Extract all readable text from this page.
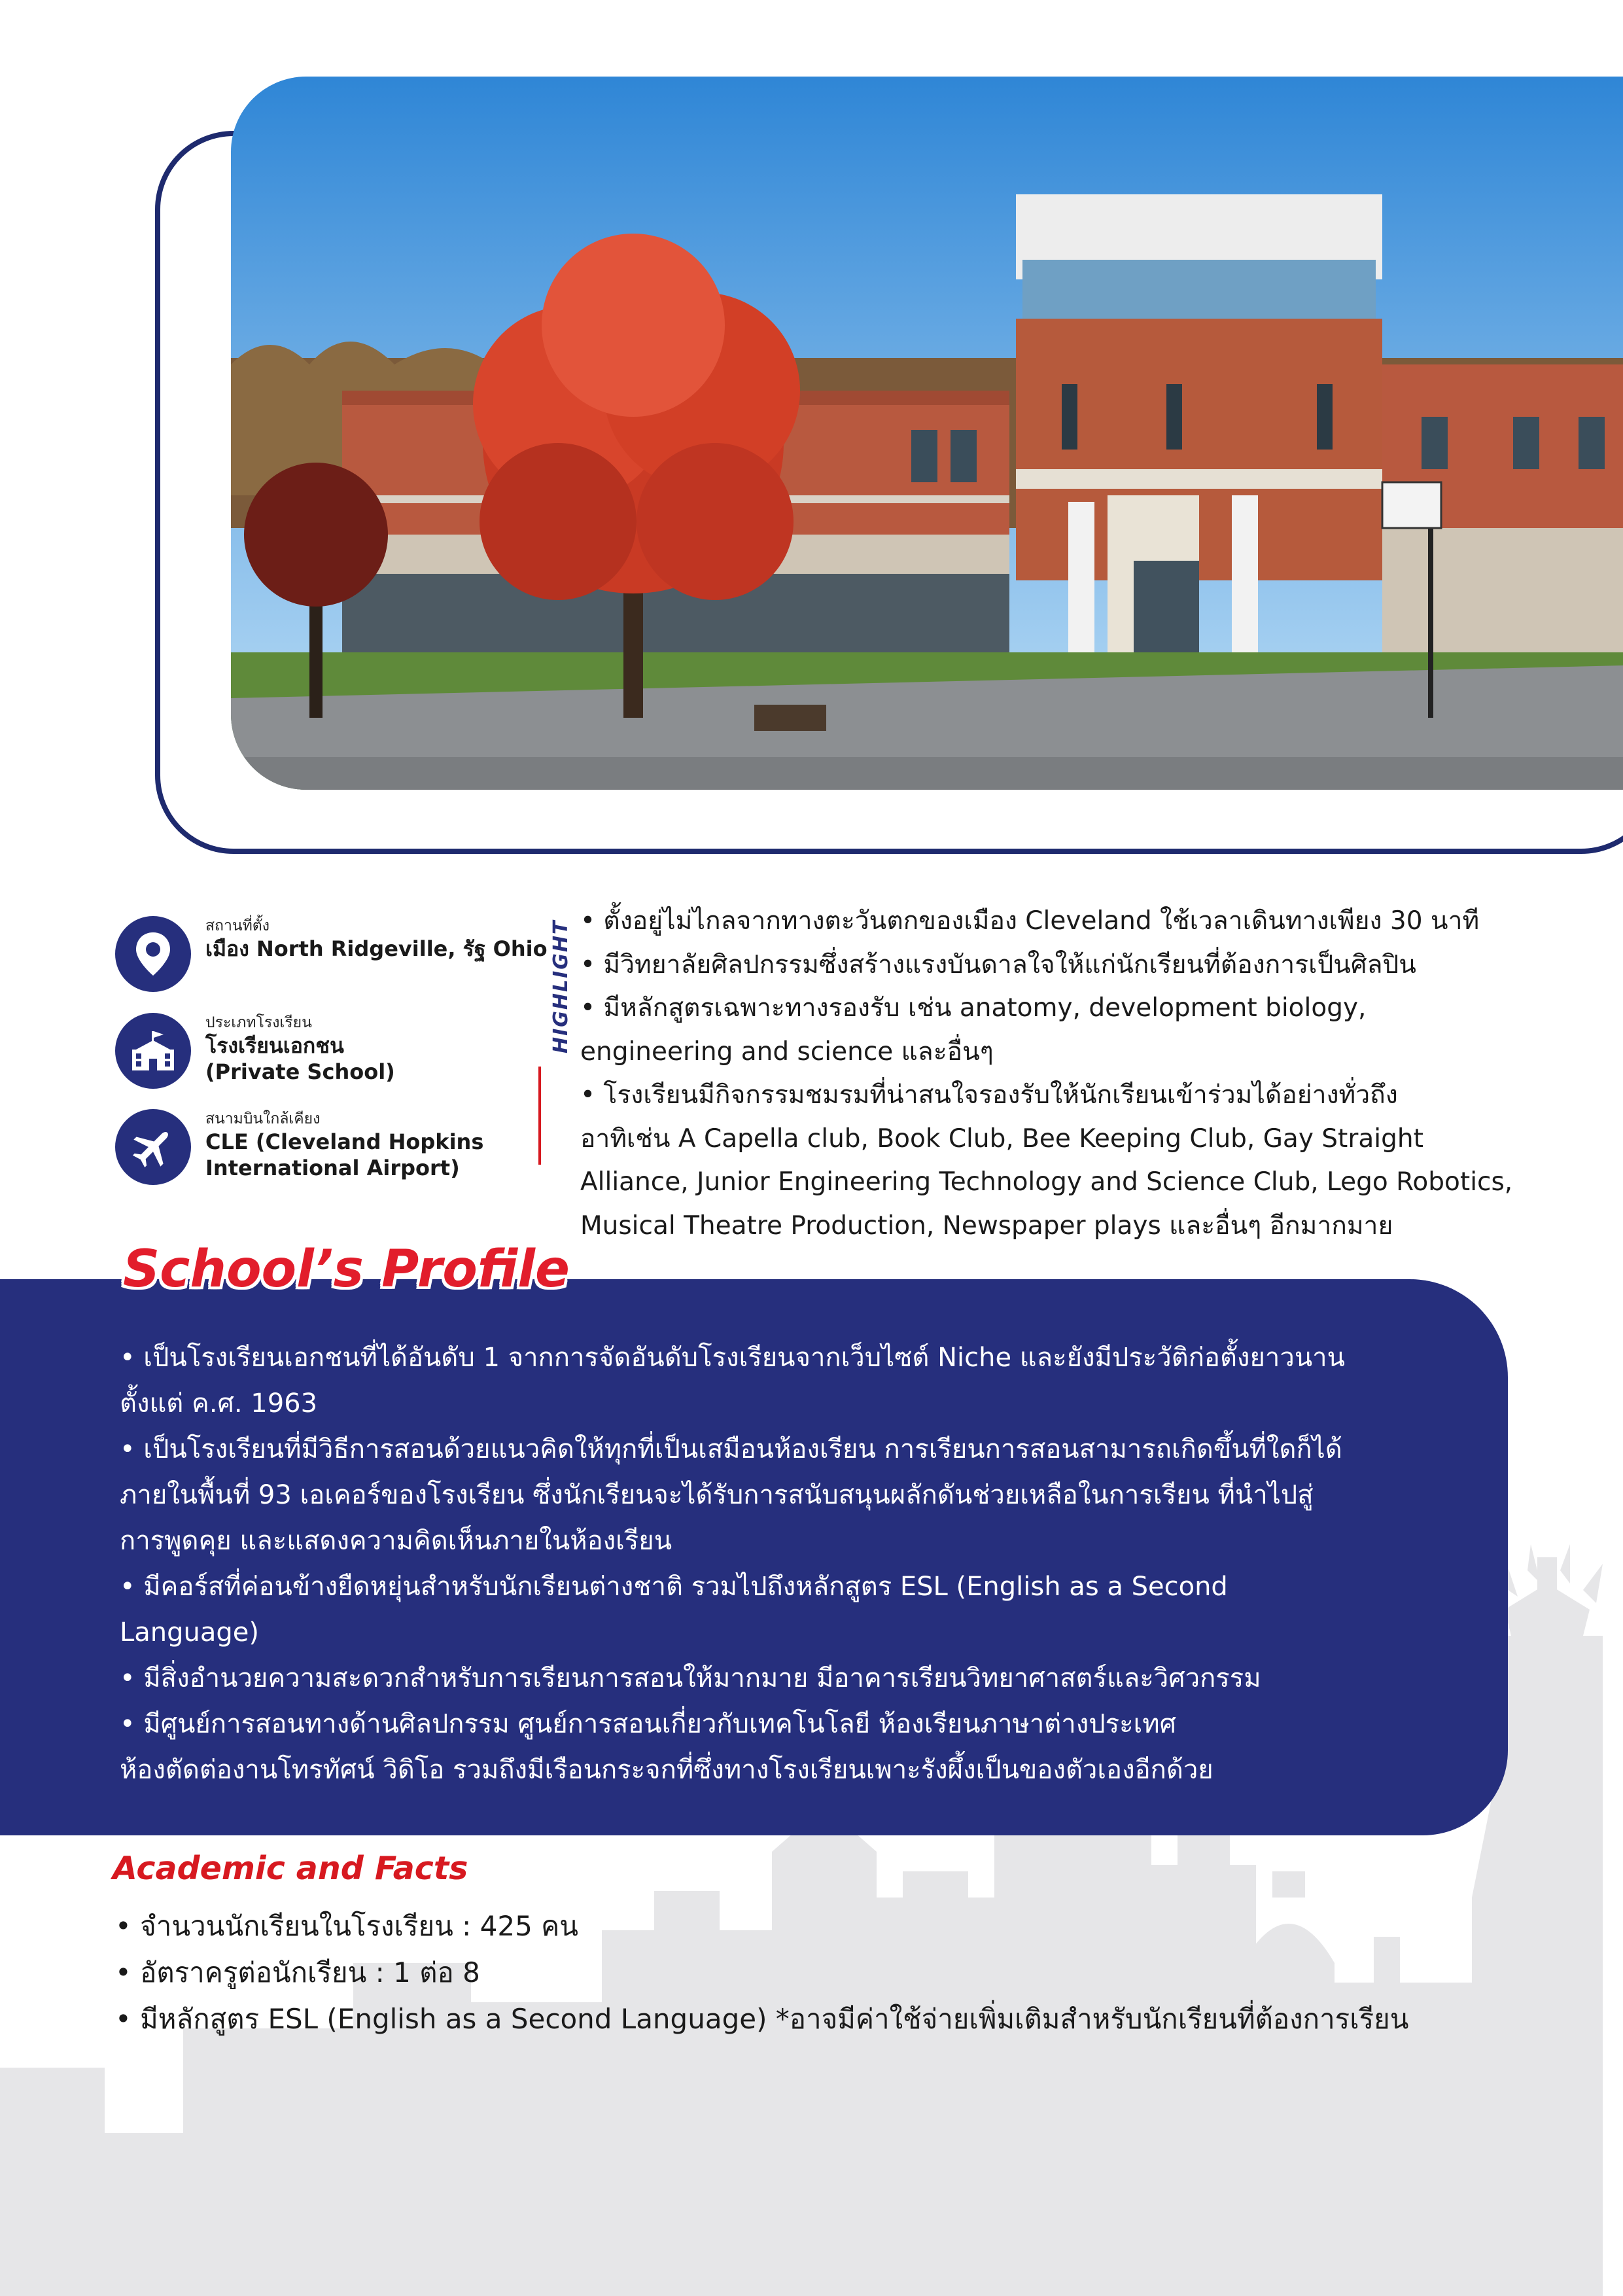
สถานที่ตั้ง
เมือง North Ridgeville, รัฐ Ohio
ประเภทโรงเรียน
โรงเรียนเอกชน (Private School)
สนามบินใกล้เคียง
CLE (Cleveland Hopkins International Airport)
HIGHLIGHT • ตั้งอยู่ไม่ไกลจากทางตะวันตกของเมือง Cleveland ใช้เวลาเดินทางเพียง 30 นาที

• มีวิทยาลัยศิลปกรรมซึ่งสร้างแรงบันดาลใจให้แก่นักเรียนที่ต้องการเป็นศิลปิน

• มีหลักสูตรเฉพาะทางรองรับ เช่น anatomy, development biology,

engineering and science และอื่นๆ

• โรงเรียนมีกิจกรรมชมรมที่น่าสนใจรองรับให้นักเรียนเข้าร่วมได้อย่างทั่วถึง

อาทิเช่น A Capella club, Book Club, Bee Keeping Club, Gay Straight

Alliance, Junior Engineering Technology and Science Club, Lego Robotics,

Musical Theatre Production, Newspaper plays และอื่นๆ อีกมากมาย

School’s Profile

• เป็นโรงเรียนเอกชนที่ได้อันดับ 1 จากการจัดอันดับโรงเรียนจากเว็บไซต์ Niche และยังมีประวัติก่อตั้งยาวนาน

ตั้งแต่ ค.ศ. 1963

• เป็นโรงเรียนที่มีวิธีการสอนด้วยแนวคิดให้ทุกที่เป็นเสมือนห้องเรียน การเรียนการสอนสามารถเกิดขึ้นที่ใดก็ได้

ภายในพื้นที่ 93 เอเคอร์ของโรงเรียน ซึ่งนักเรียนจะได้รับการสนับสนุนผลักดันช่วยเหลือในการเรียน ที่นำไปสู่

การพูดคุย และแสดงความคิดเห็นภายในห้องเรียน

• มีคอร์สที่ค่อนข้างยืดหยุ่นสำหรับนักเรียนต่างชาติ รวมไปถึงหลักสูตร ESL (English as a Second

Language)

• มีสิ่งอำนวยความสะดวกสำหรับการเรียนการสอนให้มากมาย มีอาคารเรียนวิทยาศาสตร์และวิศวกรรม

• มีศูนย์การสอนทางด้านศิลปกรรม ศูนย์การสอนเกี่ยวกับเทคโนโลยี ห้องเรียนภาษาต่างประเทศ

ห้องตัดต่องานโทรทัศน์ วิดิโอ รวมถึงมีเรือนกระจกที่ซึ่งทางโรงเรียนเพาะรังผึ้งเป็นของตัวเองอีกด้วย

Academic and Facts

• จำนวนนักเรียนในโรงเรียน : 425 คน

• อัตราครูต่อนักเรียน : 1 ต่อ 8

• มีหลักสูตร ESL (English as a Second Language) *อาจมีค่าใช้จ่ายเพิ่มเติมสำหรับนักเรียนที่ต้องการเรียน
